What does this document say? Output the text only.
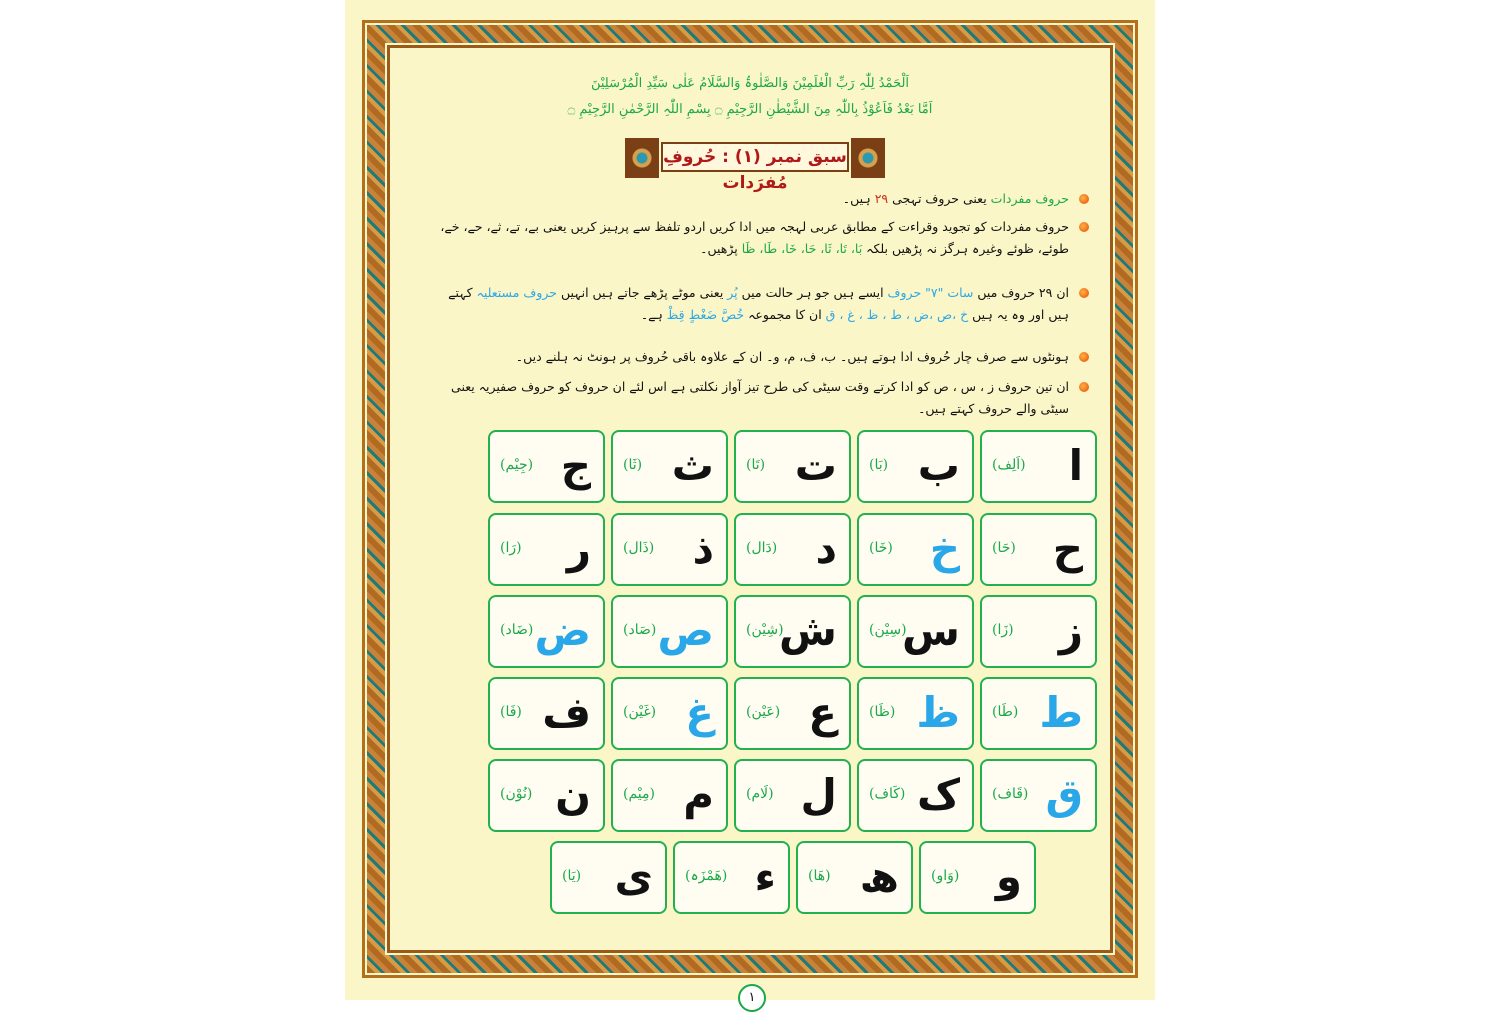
اَلْحَمْدُ لِلّٰہِ رَبِّ الْعٰلَمِیْنَ وَالصَّلٰوۃُ وَالسَّلَامُ عَلٰی سَیِّدِ الْمُرْسَلِیْنَ
اَمَّا بَعْدُ فَاَعُوْذُ بِاللّٰہِ مِنَ الشَّیْطٰنِ الرَّجِیْمِ ۝ بِسْمِ اللّٰہِ الرَّحْمٰنِ الرَّجِیْمِ ۝
سبق نمبر (۱) : حُروفِ مُفرَدات
حروف مفردات یعنی حروف تہجی ۲۹ ہیں۔
حروف مفردات کو تجوید وقراءت کے مطابق عربی لہجہ میں ادا کریں اردو تلفظ سے پرہیز کریں یعنی بے، تے، ثے، حے، خے، طوئے، ظوئے وغیرہ ہرگز نہ پڑھیں بلکہ بَا، تَا، ثَا، حَا، خَا، طَا، ظَا پڑھیں۔
ان ۲۹ حروف میں سات "۷" حروف ایسے ہیں جو ہر حالت میں پُر یعنی موٹے پڑھے جاتے ہیں انہیں حروف مستعلیہ کہتے ہیں اور وہ یہ ہیں خ ،ص ،ض ، ط ، ظ ، غ ، ق ان کا مجموعہ خُصَّ ضَغْطٍ قِظْ ہے۔
ہونٹوں سے صرف چار حُروف ادا ہوتے ہیں۔ ب، ف، م، و۔ ان کے علاوہ باقی حُروف پر ہونٹ نہ ہلنے دیں۔
ان تین حروف ز ، س ، ص کو ادا کرتے وقت سیٹی کی طرح تیز آواز نکلتی ہے اس لئے ان حروف کو حروف صفیریہ یعنی سیٹی والے حروف کہتے ہیں۔
ا
(اَلِف)
ب
(بَا)
ت
(تَا)
ث
(ثَا)
ج
(جِیْم)
ح
(حَا)
خ
(خَا)
د
(دَال)
ذ
(ذَال)
ر
(رَا)
ز
(زَا)
س
(سِیْن)
ش
(شِیْن)
ص
(صَاد)
ض
(ضَاد)
ط
(طَا)
ظ
(ظَا)
ع
(عَیْن)
غ
(غَیْن)
ف
(فَا)
ق
(قَاف)
ک
(کَاف)
ل
(لَام)
م
(مِیْم)
ن
(نُوْن)
و
(وَاو)
ھ
(ھَا)
ء
(ھَمْزَہ)
ی
(یَا)
۱
